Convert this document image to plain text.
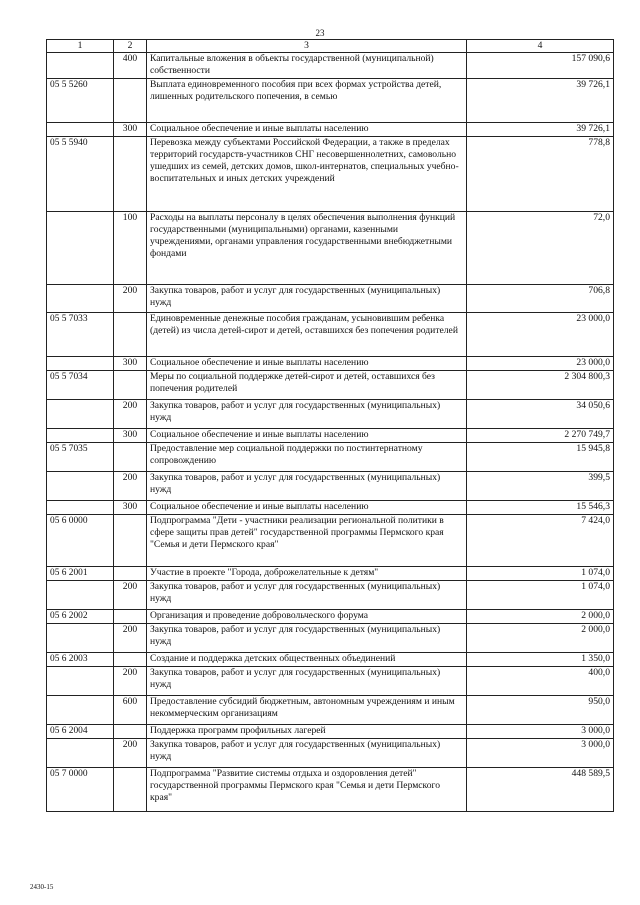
23
1	2	3	4
	400	Капитальные вложения в объекты государственной (муниципальной) собственности	157 090,6
05 5 5260		Выплата единовременного пособия при всех формах устройства детей, лишенных родительского попечения, в семью	39 726,1
	300	Социальное обеспечение и иные выплаты населению	39 726,1
05 5 5940		Перевозка между субъектами Российской Федерации, а также в пределах территорий государств-участников СНГ несовершеннолетних, самовольно ушедших из семей, детских домов, школ-интернатов, специальных учебно-воспитательных и иных детских учреждений	778,8
	100	Расходы на выплаты персоналу в целях обеспечения выполнения функций государственными (муниципальными) органами, казенными учреждениями, органами управления государственными внебюджетными фондами	72,0
	200	Закупка товаров, работ и услуг для государственных (муниципальных) нужд	706,8
05 5 7033		Единовременные денежные пособия гражданам, усыновившим ребенка (детей) из числа детей-сирот и детей, оставшихся без попечения родителей	23 000,0
	300	Социальное обеспечение и иные выплаты населению	23 000,0
05 5 7034		Меры по социальной поддержке детей-сирот и детей, оставшихся без попечения родителей	2 304 800,3
	200	Закупка товаров, работ и услуг для государственных (муниципальных) нужд	34 050,6
	300	Социальное обеспечение и иные выплаты населению	2 270 749,7
05 5 7035		Предоставление мер социальной поддержки по постинтернатному сопровождению	15 945,8
	200	Закупка товаров, работ и услуг для государственных (муниципальных) нужд	399,5
	300	Социальное обеспечение и иные выплаты населению	15 546,3
05 6 0000		Подпрограмма "Дети - участники реализации региональной политики в сфере защиты прав детей" государственной программы Пермского края "Семья и дети Пермского края"	7 424,0
05 6 2001		Участие в проекте "Города, доброжелательные к детям"	1 074,0
	200	Закупка товаров, работ и услуг для государственных (муниципальных) нужд	1 074,0
05 6 2002		Организация и проведение добровольческого форума	2 000,0
	200	Закупка товаров, работ и услуг для государственных (муниципальных) нужд	2 000,0
05 6 2003		Создание и поддержка детских общественных объединений	1 350,0
	200	Закупка товаров, работ и услуг для государственных (муниципальных) нужд	400,0
	600	Предоставление субсидий бюджетным, автономным учреждениям и иным некоммерческим организациям	950,0
05 6 2004		Поддержка программ профильных лагерей	3 000,0
	200	Закупка товаров, работ и услуг для государственных (муниципальных) нужд	3 000,0
05 7 0000		Подпрограмма "Развитие системы отдыха и оздоровления детей" государственной программы Пермского края "Семья и дети Пермского края"	448 589,5
2430-15
